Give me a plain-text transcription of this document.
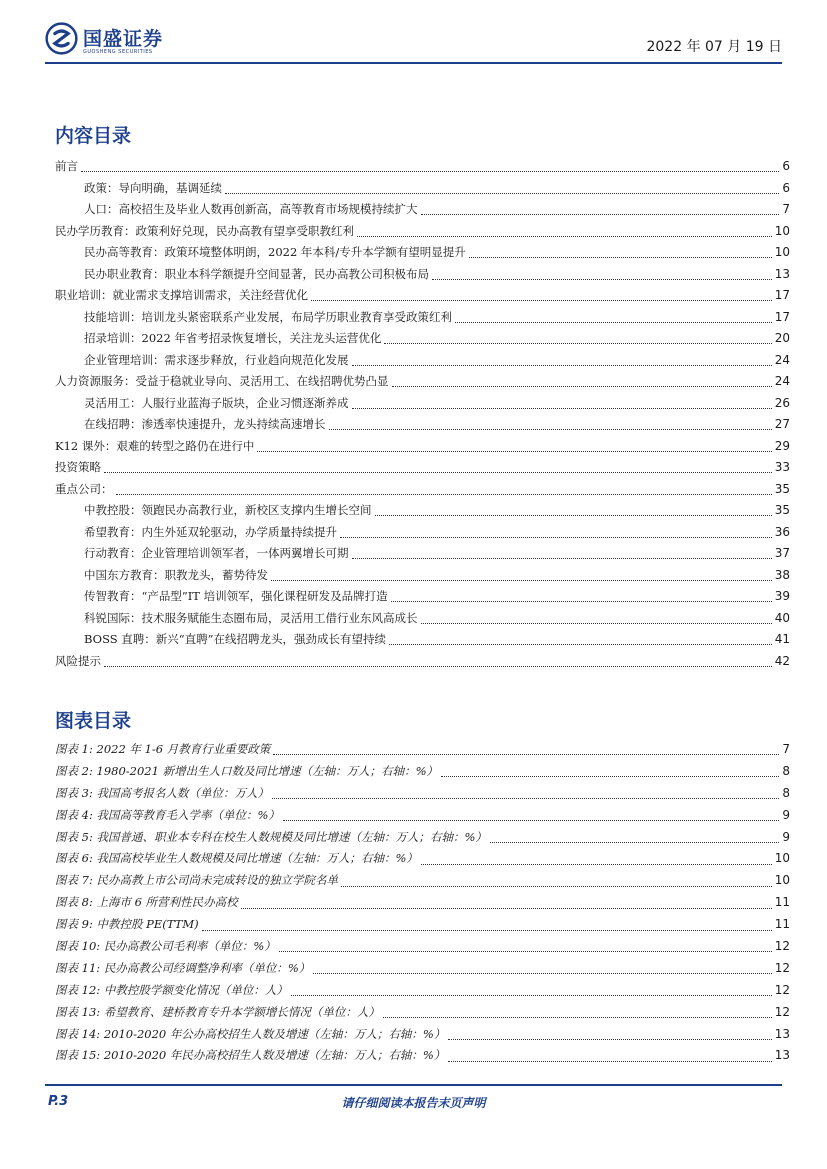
国盛证券
GUOSHENG SECURITIES	2022 年 07 月 19 日
内容目录
前言	6
政策：导向明确，基调延续	6
人口：高校招生及毕业人数再创新高，高等教育市场规模持续扩大	7
民办学历教育：政策利好兑现，民办高教有望享受职教红利	10
民办高等教育：政策环境整体明朗，2022 年本科/专升本学额有望明显提升	10
民办职业教育：职业本科学额提升空间显著，民办高教公司积极布局	13
职业培训：就业需求支撑培训需求，关注经营优化	17
技能培训：培训龙头紧密联系产业发展，布局学历职业教育享受政策红利	17
招录培训：2022 年省考招录恢复增长，关注龙头运营优化	20
企业管理培训：需求逐步释放，行业趋向规范化发展	24
人力资源服务：受益于稳就业导向、灵活用工、在线招聘优势凸显	24
灵活用工：人服行业蓝海子版块，企业习惯逐渐养成	26
在线招聘：渗透率快速提升，龙头持续高速增长	27
K12 课外：艰难的转型之路仍在进行中	29
投资策略	33
重点公司：	35
中教控股：领跑民办高教行业，新校区支撑内生增长空间	35
希望教育：内生外延双轮驱动，办学质量持续提升	36
行动教育：企业管理培训领军者，一体两翼增长可期	37
中国东方教育：职教龙头，蓄势待发	38
传智教育：“产品型”IT 培训领军，强化课程研发及品牌打造	39
科锐国际：技术服务赋能生态圈布局，灵活用工借行业东风高成长	40
BOSS 直聘：新兴“直聘”在线招聘龙头，强劲成长有望持续	41
风险提示	42
图表目录
图表 1: 2022 年 1-6 月教育行业重要政策	7
图表 2: 1980-2021 新增出生人口数及同比增速（左轴：万人；右轴：%）	8
图表 3: 我国高考报名人数（单位：万人）	8
图表 4: 我国高等教育毛入学率（单位：%）	9
图表 5: 我国普通、职业本专科在校生人数规模及同比增速（左轴：万人；右轴：%）	9
图表 6: 我国高校毕业生人数规模及同比增速（左轴：万人；右轴：%）	10
图表 7: 民办高教上市公司尚未完成转设的独立学院名单	10
图表 8: 上海市 6 所营利性民办高校	11
图表 9: 中教控股 PE(TTM)	11
图表 10: 民办高教公司毛利率（单位：%）	12
图表 11: 民办高教公司经调整净利率（单位：%）	12
图表 12: 中教控股学额变化情况（单位：人）	12
图表 13: 希望教育、建桥教育专升本学额增长情况（单位：人）	12
图表 14: 2010-2020 年公办高校招生人数及增速（左轴：万人；右轴：%）	13
图表 15: 2010-2020 年民办高校招生人数及增速（左轴：万人；右轴：%）	13
P.3	请仔细阅读本报告末页声明
